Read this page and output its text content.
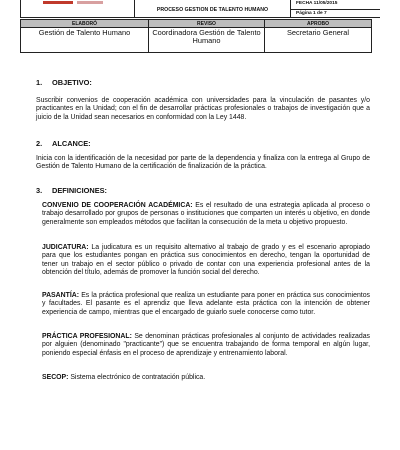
PROCESO GESTION DE TALENTO HUMANO
FECHA 11/05/2015
Página 1 de 7
ELABORÓ	REVISO	APROBO
Gestión de Talento Humano	Coordinadora Gestión de Talento Humano	Secretario General
1. OBJETIVO:
Suscribir convenios de cooperación académica con universidades para la vinculación de pasantes y/o practicantes en la Unidad; con el fin de desarrollar prácticas profesionales o trabajos de investigación que a juicio de la Unidad sean necesarios en conformidad con la Ley 1448.
2. ALCANCE:
Inicia con la identificación de la necesidad por parte de la dependencia y finaliza con la entrega al Grupo de Gestión de Talento Humano de la certificación de finalización de la práctica.
3. DEFINICIONES:
CONVENIO DE COOPERACIÓN ACADÉMICA: Es el resultado de una estrategia aplicada al proceso o trabajo desarrollado por grupos de personas o instituciones que comparten un interés u objetivo, en donde generalmente son empleados métodos que facilitan la consecución de la meta u objetivo propuesto.
JUDICATURA: La judicatura es un requisito alternativo al trabajo de grado y es el escenario apropiado para que los estudiantes pongan en práctica sus conocimientos en derecho, tengan la oportunidad de tener un trabajo en el sector público o privado de contar con una experiencia profesional antes de la obtención del título, además de promover la función social del derecho.
PASANTÍA: Es la práctica profesional que realiza un estudiante para poner en práctica sus conocimientos y facultades. El pasante es el aprendiz que lleva adelante esta práctica con la intención de obtener experiencia de campo, mientras que el encargado de guiarlo suele conocerse como tutor.
PRÁCTICA PROFESIONAL: Se denominan prácticas profesionales al conjunto de actividades realizadas por alguien (denominado "practicante") que se encuentra trabajando de forma temporal en algún lugar, poniendo especial énfasis en el proceso de aprendizaje y entrenamiento laboral.
SECOP: Sistema electrónico de contratación pública.
